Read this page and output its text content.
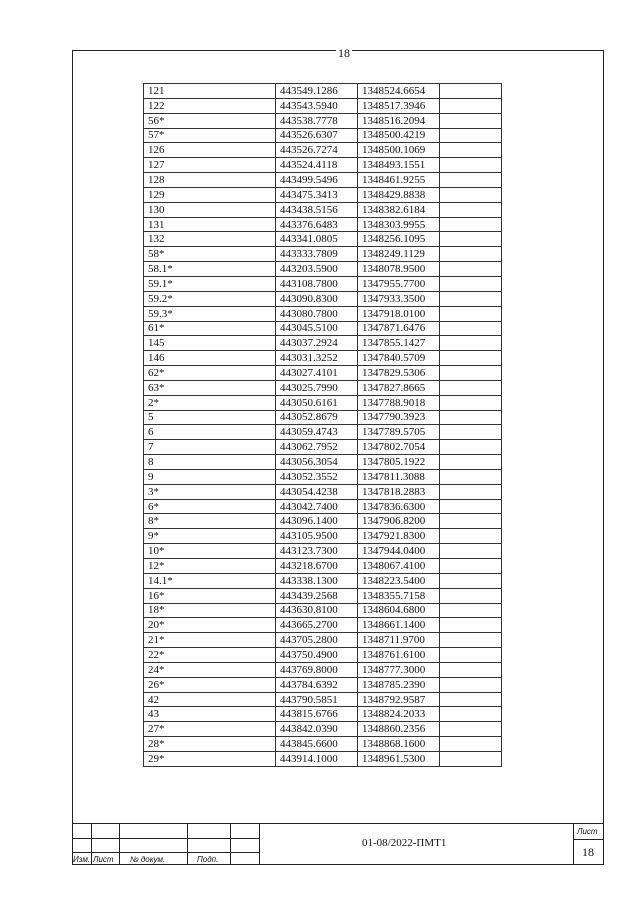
18
121	443549.1286	1348524.6654	
122	443543.5940	1348517.3946	
56*	443538.7778	1348516.2094	
57*	443526.6307	1348500.4219	
126	443526.7274	1348500.1069	
127	443524.4118	1348493.1551	
128	443499.5496	1348461.9255	
129	443475.3413	1348429.8838	
130	443438.5156	1348382.6184	
131	443376.6483	1348303.9955	
132	443341.0805	1348256.1095	
58*	443333.7809	1348249.1129	
58.1*	443203.5900	1348078.9500	
59.1*	443108.7800	1347955.7700	
59.2*	443090.8300	1347933.3500	
59.3*	443080.7800	1347918.0100	
61*	443045.5100	1347871.6476	
145	443037.2924	1347855.1427	
146	443031.3252	1347840.5709	
62*	443027.4101	1347829.5306	
63*	443025.7990	1347827.8665	
2*	443050.6161	1347788.9018	
5	443052.8679	1347790.3923	
6	443059.4743	1347789.5705	
7	443062.7952	1347802.7054	
8	443056.3054	1347805.1922	
9	443052.3552	1347811.3088	
3*	443054.4238	1347818.2883	
6*	443042.7400	1347836.6300	
8*	443096.1400	1347906.8200	
9*	443105.9500	1347921.8300	
10*	443123.7300	1347944.0400	
12*	443218.6700	1348067.4100	
14.1*	443338.1300	1348223.5400	
16*	443439.2568	1348355.7158	
18*	443630.8100	1348604.6800	
20*	443665.2700	1348661.1400	
21*	443705.2800	1348711.9700	
22*	443750.4900	1348761.6100	
24*	443769.8000	1348777.3000	
26*	443784.6392	1348785.2390	
42	443790.5851	1348792.9587	
43	443815.6766	1348824.2033	
27*	443842.0390	1348860.2356	
28*	443845.6600	1348868.1600	
29*	443914.1000	1348961.5300	
Изм. Лист № докум.	Подп.
01-08/2022-ПМТ1
Лист
18
